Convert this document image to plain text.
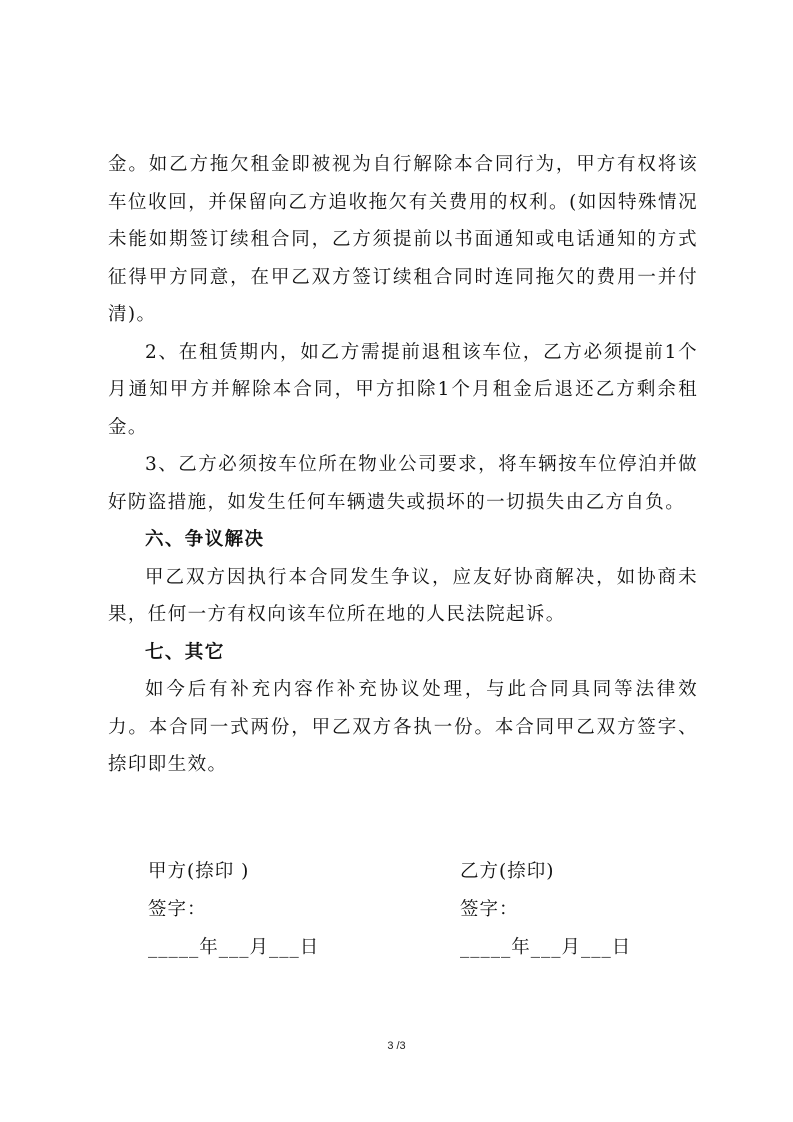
金。如乙方拖欠租金即被视为自行解除本合同行为，甲方有权将该车位收回，并保留向乙方追收拖欠有关费用的权利。(如因特殊情况未能如期签订续租合同，乙方须提前以书面通知或电话通知的方式征得甲方同意，在甲乙双方签订续租合同时连同拖欠的费用一并付清)。

2、在租赁期内，如乙方需提前退租该车位，乙方必须提前1个月通知甲方并解除本合同，甲方扣除1个月租金后退还乙方剩余租金。

3、乙方必须按车位所在物业公司要求，将车辆按车位停泊并做好防盗措施，如发生任何车辆遗失或损坏的一切损失由乙方自负。

六、争议解决

甲乙双方因执行本合同发生争议，应友好协商解决，如协商未果，任何一方有权向该车位所在地的人民法院起诉。

七、其它

如今后有补充内容作补充协议处理，与此合同具同等法律效力。本合同一式两份，甲乙双方各执一份。本合同甲乙双方签字、捺印即生效。

甲方(捺印 )
签字：
_____年___月___日
乙方(捺印)
签字：
_____年___月___日
3 /3
